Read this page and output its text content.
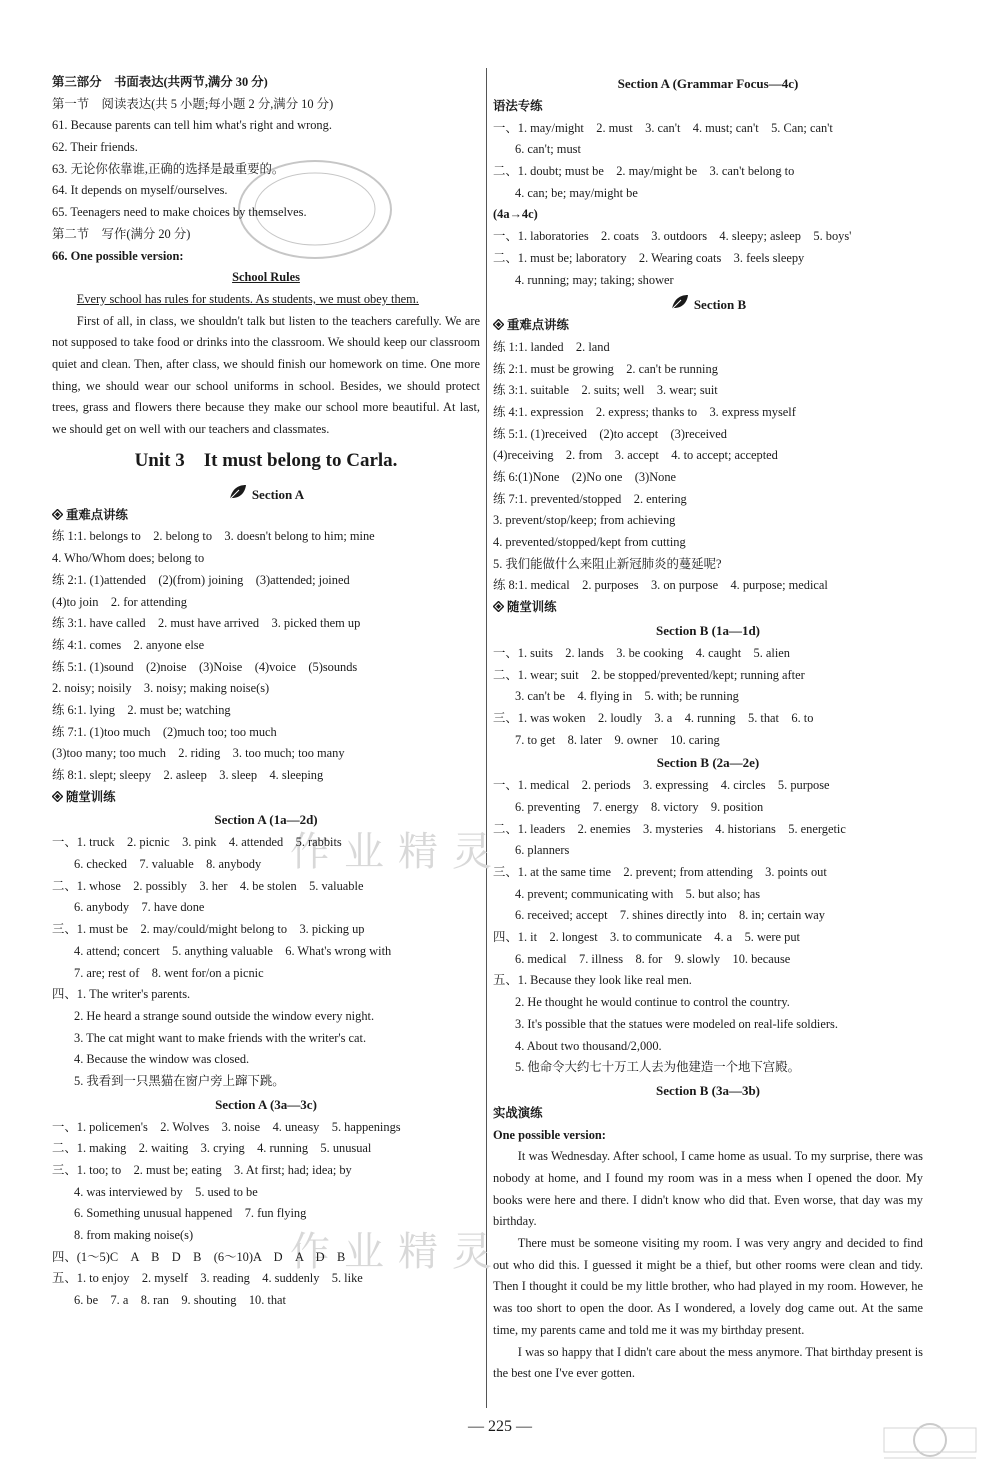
作业精灵
作业精灵
第三部分　书面表达(共两节,满分 30 分)
第一节　阅读表达(共 5 小题;每小题 2 分,满分 10 分)
61. Because parents can tell him what's right and wrong.
62. Their friends.
63. 无论你依靠谁,正确的选择是最重要的。
64. It depends on myself/ourselves.
65. Teenagers need to make choices by themselves.
第二节　写作(满分 20 分)
66. One possible version:
School Rules
Every school has rules for students. As students, we must obey them.
First of all, in class, we shouldn't talk but listen to the teachers carefully. We are not supposed to take food or drinks into the classroom. We should keep our classroom quiet and clean. Then, after class, we should finish our homework on time. One more thing, we should wear our school uniforms in school. Besides, we should protect trees, grass and flowers there because they make our school more beautiful. At last, we should get on well with our teachers and classmates.
Unit 3　It must belong to Carla.
Section A
重难点讲练
练 1:1. belongs to　2. belong to　3. doesn't belong to him; mine
4. Who/Whom does; belong to
练 2:1. (1)attended　(2)(from) joining　(3)attended; joined
(4)to join　2. for attending
练 3:1. have called　2. must have arrived　3. picked them up
练 4:1. comes　2. anyone else
练 5:1. (1)sound　(2)noise　(3)Noise　(4)voice　(5)sounds
2. noisy; noisily　3. noisy; making noise(s)
练 6:1. lying　2. must be; watching
练 7:1. (1)too much　(2)much too; too much
(3)too many; too much　2. riding　3. too much; too many
练 8:1. slept; sleepy　2. asleep　3. sleep　4. sleeping
随堂训练
Section A (1a—2d)
一、1. truck　2. picnic　3. pink　4. attended　5. rabbits
6. checked　7. valuable　8. anybody
二、1. whose　2. possibly　3. her　4. be stolen　5. valuable
6. anybody　7. have done
三、1. must be　2. may/could/might belong to　3. picking up
4. attend; concert　5. anything valuable　6. What's wrong with
7. are; rest of　8. went for/on a picnic
四、1. The writer's parents.
2. He heard a strange sound outside the window every night.
3. The cat might want to make friends with the writer's cat.
4. Because the window was closed.
5. 我看到一只黑猫在窗户旁上蹿下跳。
Section A (3a—3c)
一、1. policemen's　2. Wolves　3. noise　4. uneasy　5. happenings
二、1. making　2. waiting　3. crying　4. running　5. unusual
三、1. too; to　2. must be; eating　3. At first; had; idea; by
4. was interviewed by　5. used to be
6. Something unusual happened　7. fun flying
8. from making noise(s)
四、(1～5)C　A　B　D　B　(6～10)A　D　A　D　B
五、1. to enjoy　2. myself　3. reading　4. suddenly　5. like
6. be　7. a　8. ran　9. shouting　10. that
Section A (Grammar Focus—4c)
语法专练
一、1. may/might　2. must　3. can't　4. must; can't　5. Can; can't
6. can't; must
二、1. doubt; must be　2. may/might be　3. can't belong to
4. can; be; may/might be
(4a→4c)
一、1. laboratories　2. coats　3. outdoors　4. sleepy; asleep　5. boys'
二、1. must be; laboratory　2. Wearing coats　3. feels sleepy
4. running; may; taking; shower
Section B
重难点讲练
练 1:1. landed　2. land
练 2:1. must be growing　2. can't be running
练 3:1. suitable　2. suits; well　3. wear; suit
练 4:1. expression　2. express; thanks to　3. express myself
练 5:1. (1)received　(2)to accept　(3)received
(4)receiving　2. from　3. accept　4. to accept; accepted
练 6:(1)None　(2)No one　(3)None
练 7:1. prevented/stopped　2. entering
3. prevent/stop/keep; from achieving
4. prevented/stopped/kept from cutting
5. 我们能做什么来阻止新冠肺炎的蔓延呢?
练 8:1. medical　2. purposes　3. on purpose　4. purpose; medical
随堂训练
Section B (1a—1d)
一、1. suits　2. lands　3. be cooking　4. caught　5. alien
二、1. wear; suit　2. be stopped/prevented/kept; running after
3. can't be　4. flying in　5. with; be running
三、1. was woken　2. loudly　3. a　4. running　5. that　6. to
7. to get　8. later　9. owner　10. caring
Section B (2a—2e)
一、1. medical　2. periods　3. expressing　4. circles　5. purpose
6. preventing　7. energy　8. victory　9. position
二、1. leaders　2. enemies　3. mysteries　4. historians　5. energetic
6. planners
三、1. at the same time　2. prevent; from attending　3. points out
4. prevent; communicating with　5. but also; has
6. received; accept　7. shines directly into　8. in; certain way
四、1. it　2. longest　3. to communicate　4. a　5. were put
6. medical　7. illness　8. for　9. slowly　10. because
五、1. Because they look like real men.
2. He thought he would continue to control the country.
3. It's possible that the statues were modeled on real-life soldiers.
4. About two thousand/2,000.
5. 他命令大约七十万工人去为他建造一个地下宫殿。
Section B (3a—3b)
实战演练
One possible version:
It was Wednesday. After school, I came home as usual. To my surprise, there was nobody at home, and I found my room was in a mess when I opened the door. My books were here and there. I didn't know who did that. Even worse, that day was my birthday.
There must be someone visiting my room. I was very angry and decided to find out who did this. I guessed it might be a thief, but other rooms were clean and tidy. Then I thought it could be my little brother, who had played in my room. However, he was too short to open the door. As I wondered, a lovely dog came out. At the same time, my parents came and told me it was my birthday present.
I was so happy that I didn't care about the mess anymore. That birthday present is the best one I've ever gotten.
— 225 —
